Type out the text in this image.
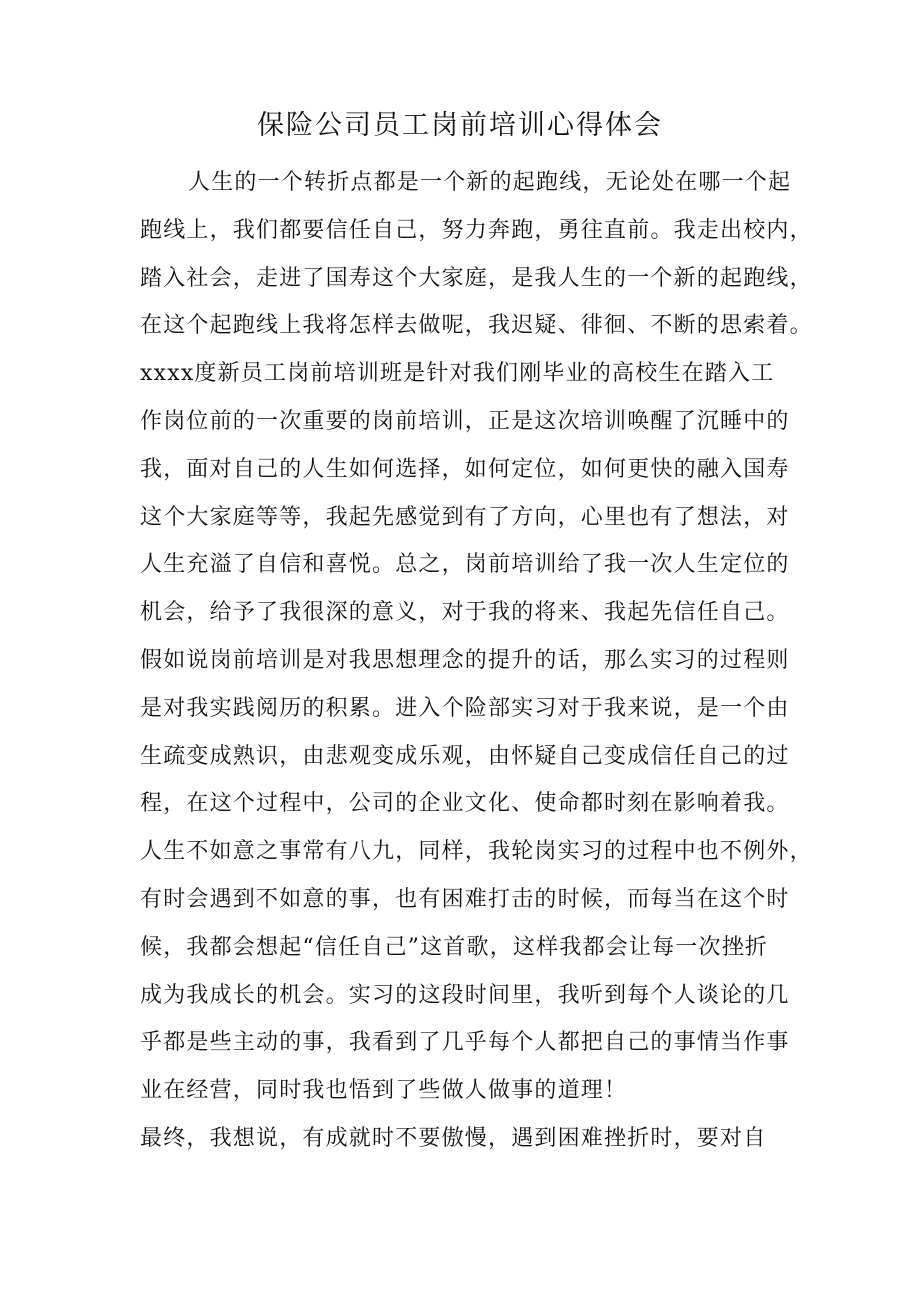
保险公司员工岗前培训心得体会
人生的一个转折点都是一个新的起跑线，无论处在哪一个起
跑线上，我们都要信任自己，努力奔跑，勇往直前。我走出校内，
踏入社会，走进了国寿这个大家庭，是我人生的一个新的起跑线，
在这个起跑线上我将怎样去做呢，我迟疑、徘徊、不断的思索着。
xxxx度新员工岗前培训班是针对我们刚毕业的高校生在踏入工
作岗位前的一次重要的岗前培训，正是这次培训唤醒了沉睡中的
我，面对自己的人生如何选择，如何定位，如何更快的融入国寿
这个大家庭等等，我起先感觉到有了方向，心里也有了想法，对
人生充溢了自信和喜悦。总之，岗前培训给了我一次人生定位的
机会，给予了我很深的意义，对于我的将来、我起先信任自己。
假如说岗前培训是对我思想理念的提升的话，那么实习的过程则
是对我实践阅历的积累。进入个险部实习对于我来说，是一个由
生疏变成熟识，由悲观变成乐观，由怀疑自己变成信任自己的过
程，在这个过程中，公司的企业文化、使命都时刻在影响着我。
人生不如意之事常有八九，同样，我轮岗实习的过程中也不例外，
有时会遇到不如意的事，也有困难打击的时候，而每当在这个时
候，我都会想起“信任自己”这首歌，这样我都会让每一次挫折
成为我成长的机会。实习的这段时间里，我听到每个人谈论的几
乎都是些主动的事，我看到了几乎每个人都把自己的事情当作事
业在经营，同时我也悟到了些做人做事的道理！
最终，我想说，有成就时不要傲慢，遇到困难挫折时，要对自
